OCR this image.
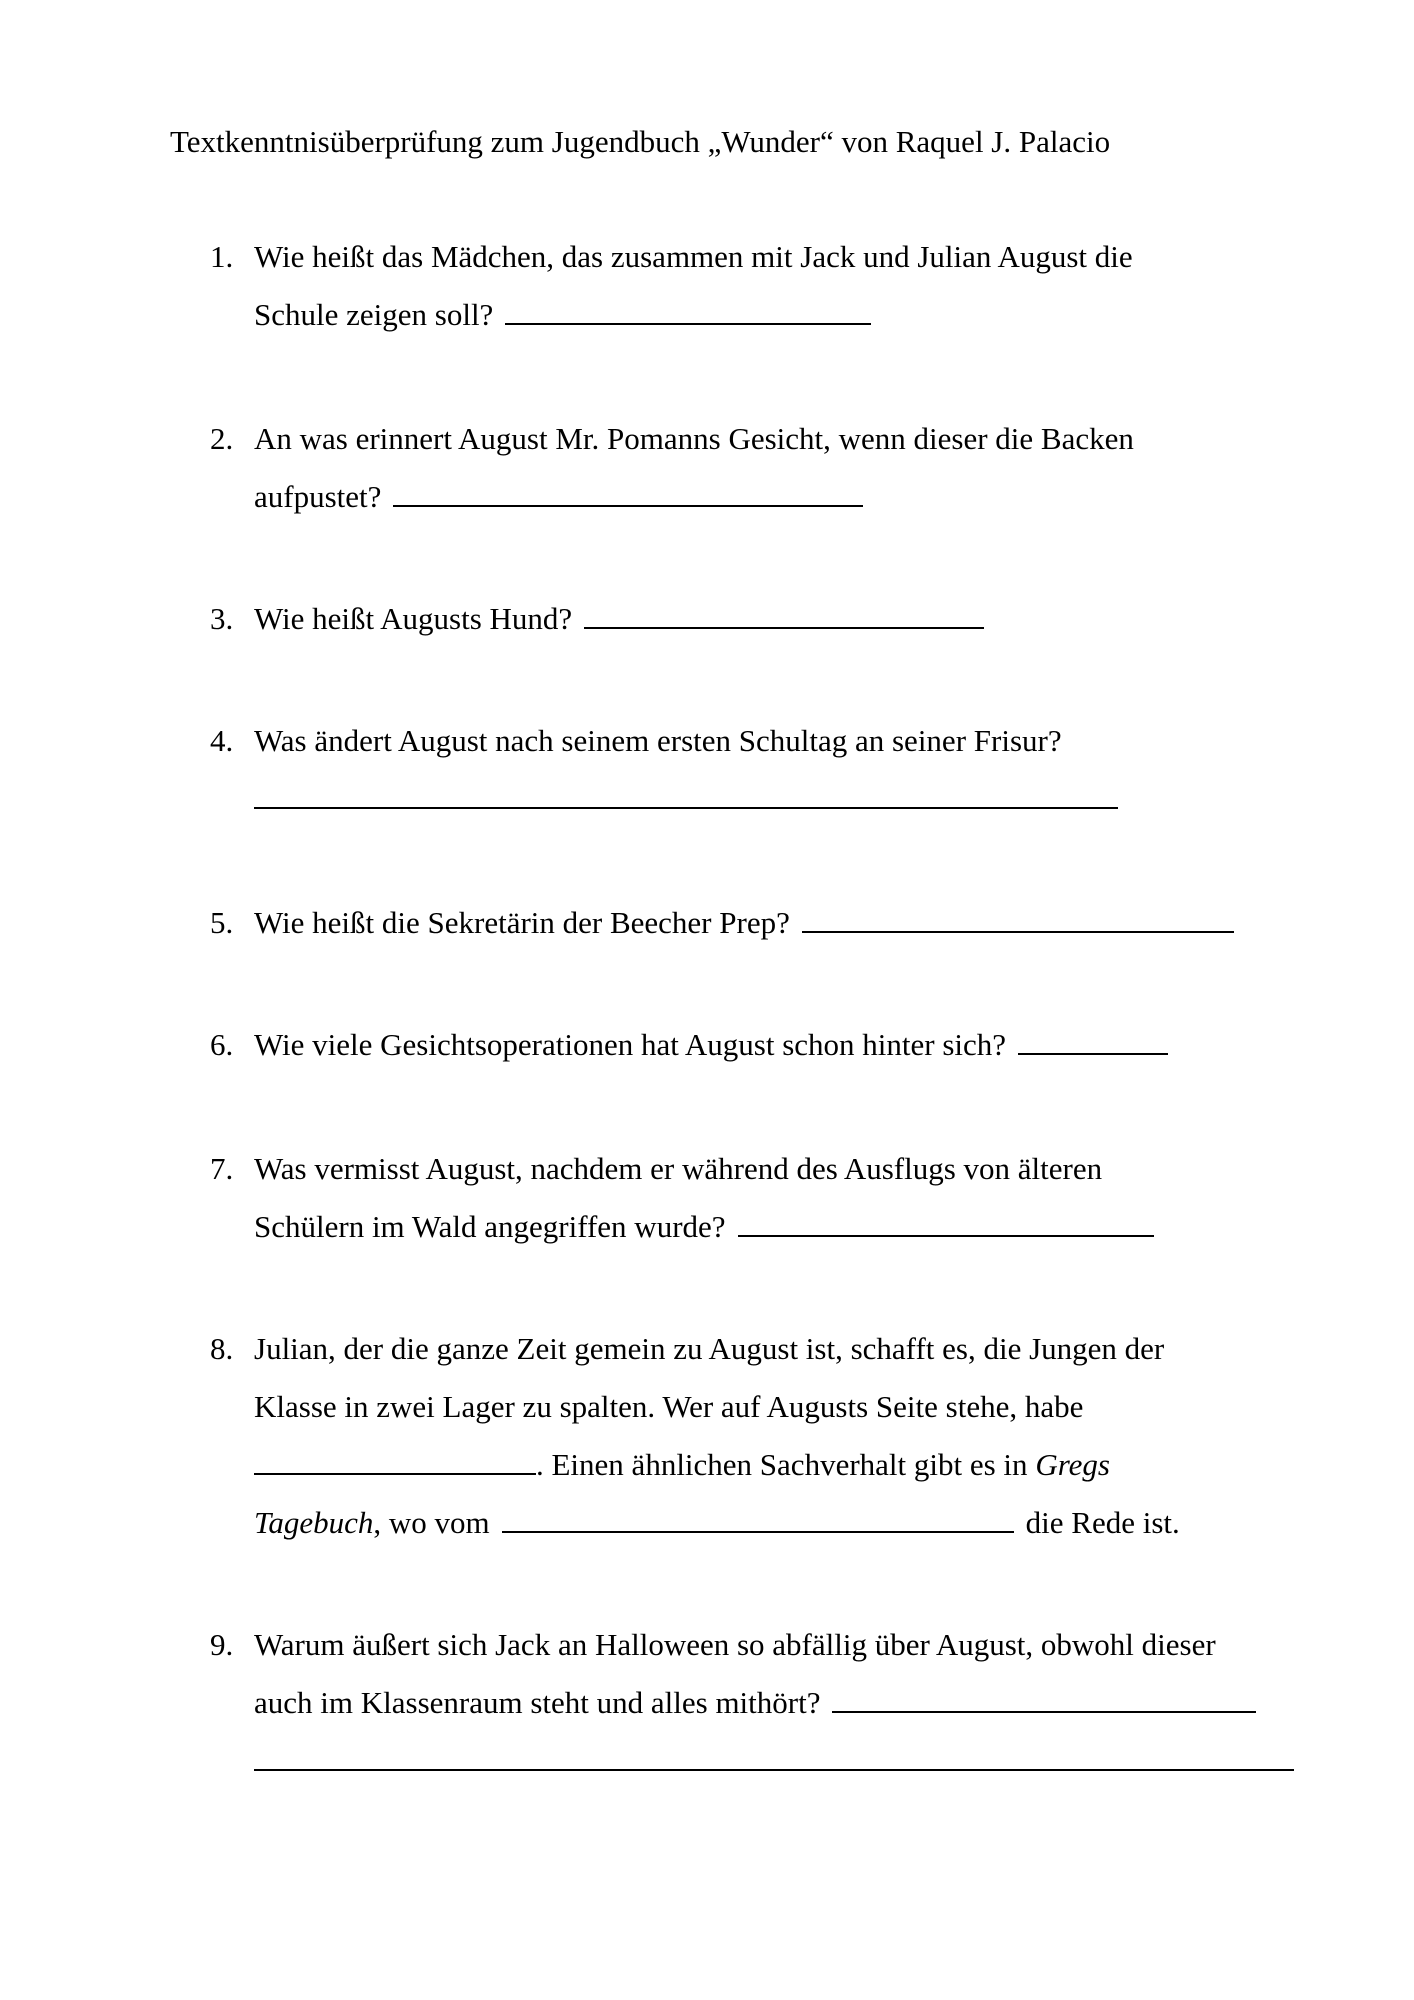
Textkenntnisüberprüfung zum Jugendbuch „Wunder“ von Raquel J. Palacio
1. Wie heißt das Mädchen, das zusammen mit Jack und Julian August die
Schule zeigen soll?
2. An was erinnert August Mr. Pomanns Gesicht, wenn dieser die Backen
aufpustet?
3. Wie heißt Augusts Hund?
4. Was ändert August nach seinem ersten Schultag an seiner Frisur?
5. Wie heißt die Sekretärin der Beecher Prep?
6. Wie viele Gesichtsoperationen hat August schon hinter sich?
7. Was vermisst August, nachdem er während des Ausflugs von älteren
Schülern im Wald angegriffen wurde?
8. Julian, der die ganze Zeit gemein zu August ist, schafft es, die Jungen der
Klasse in zwei Lager zu spalten. Wer auf Augusts Seite stehe, habe
. Einen ähnlichen Sachverhalt gibt es in Gregs
Tagebuch, wo vom	die Rede ist.
9. Warum äußert sich Jack an Halloween so abfällig über August, obwohl dieser
auch im Klassenraum steht und alles mithört?
